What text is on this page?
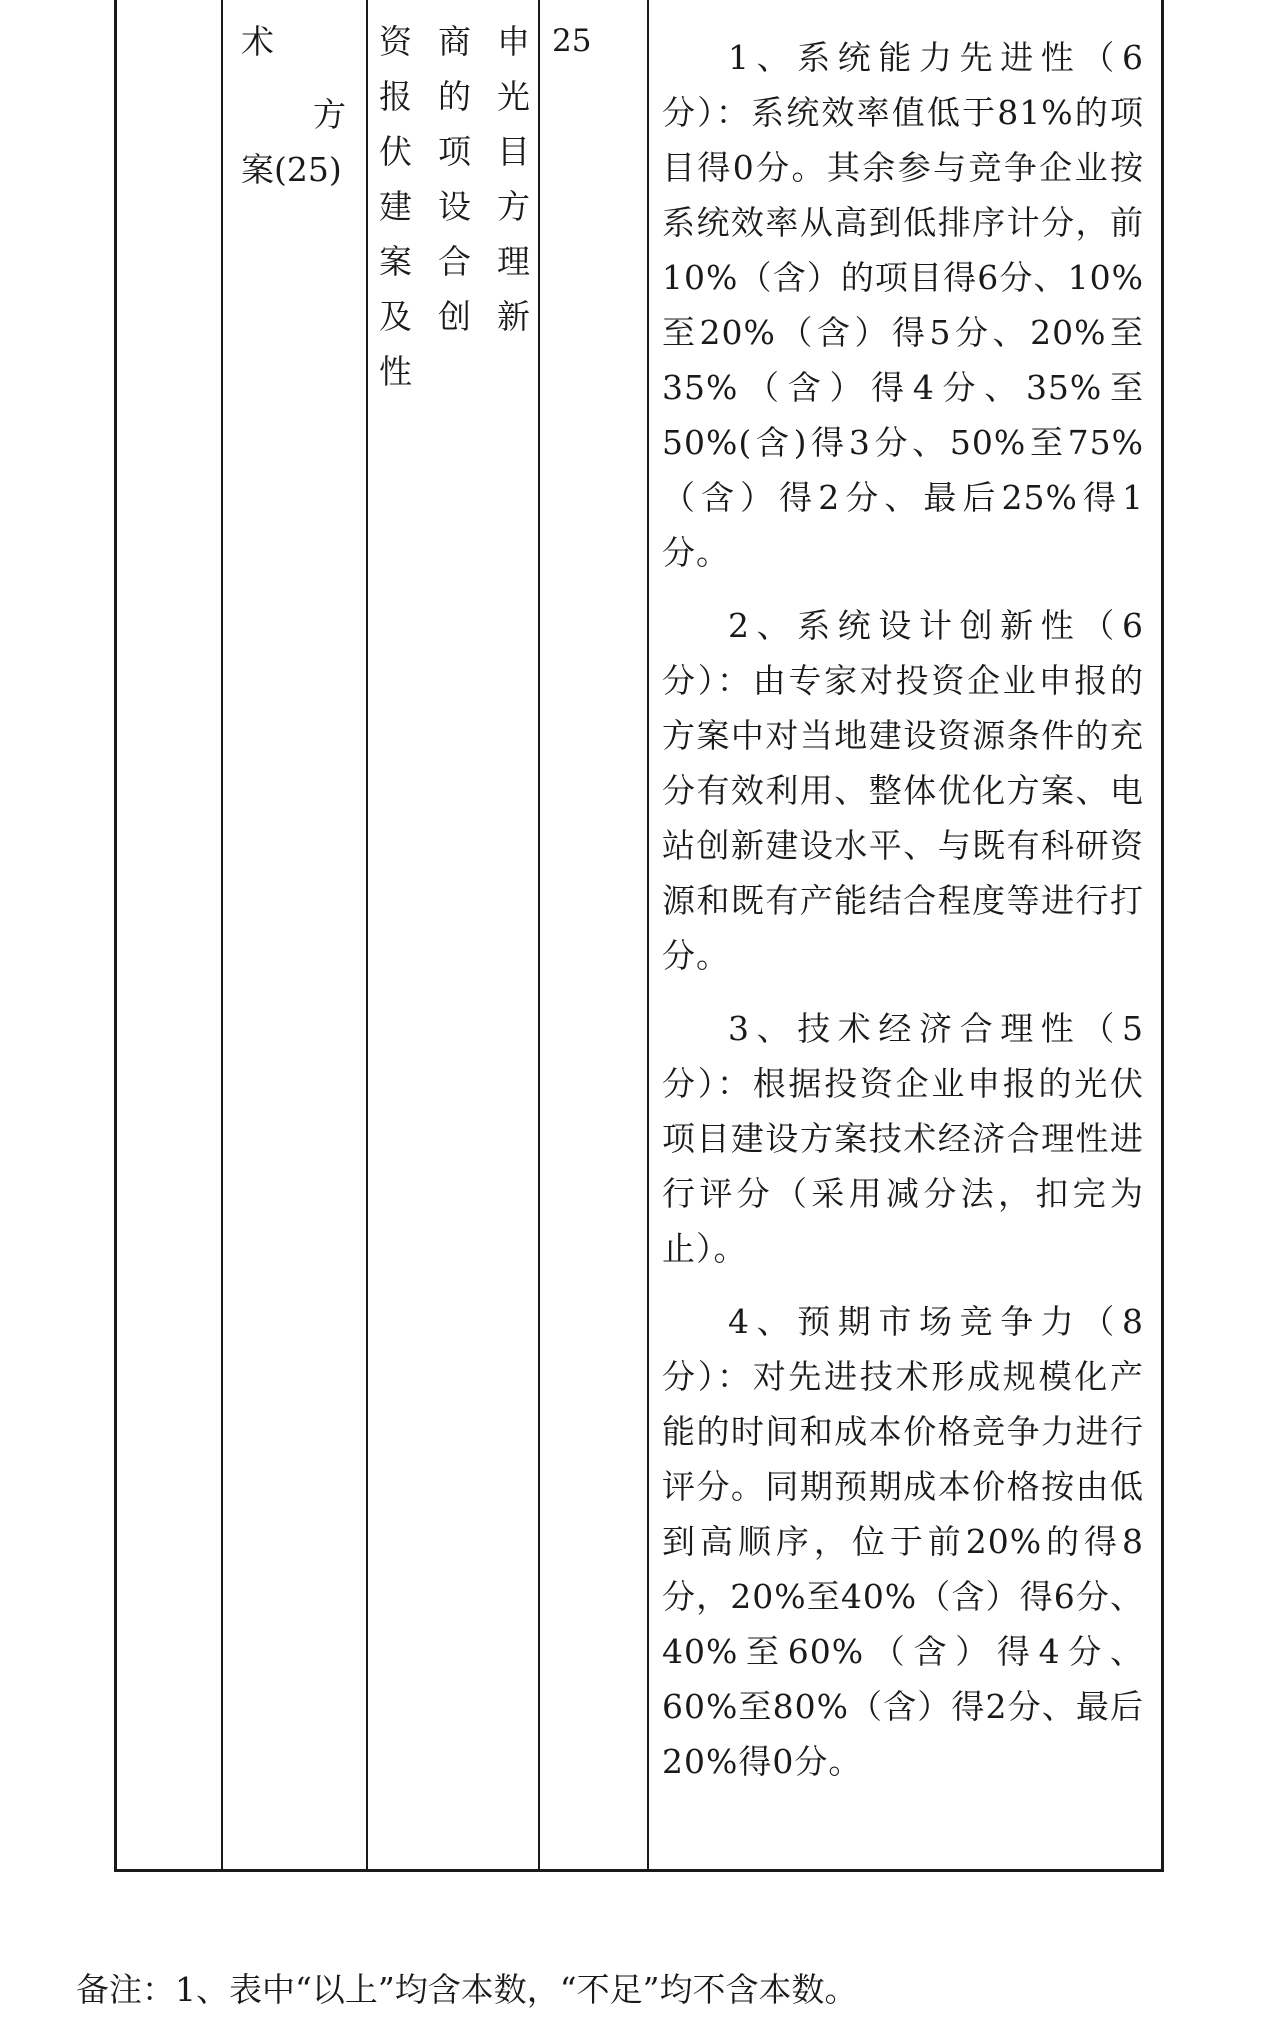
术
方
案(25)
资 商 申
报 的 光
伏 项 目
建 设 方
案 合 理
及 创 新
性
25	1、系统能力先进性（6分）：系统效率值低于81%的项目得0分。其余参与竞争企业按系统效率从高到低排序计分，前10%（含）的项目得6分、10%至20%（含）得5分、20%至35%（含）得4分、35%至50%(含)得3分、50%至75%（含）得2分、最后25%得1分。

2、系统设计创新性（6分）：由专家对投资企业申报的方案中对当地建设资源条件的充分有效利用、整体优化方案、电站创新建设水平、与既有科研资源和既有产能结合程度等进行打分。

3、技术经济合理性（5分）：根据投资企业申报的光伏项目建设方案技术经济合理性进行评分（采用减分法，扣完为止）。

4、预期市场竞争力（8分）：对先进技术形成规模化产能的时间和成本价格竞争力进行评分。同期预期成本价格按由低到高顺序，位于前20%的得8分，20%至40%（含）得6分、40%至60%（含）得4分、60%至80%（含）得2分、最后20%得0分。

备注：1、表中“以上”均含本数，“不足”均不含本数。
